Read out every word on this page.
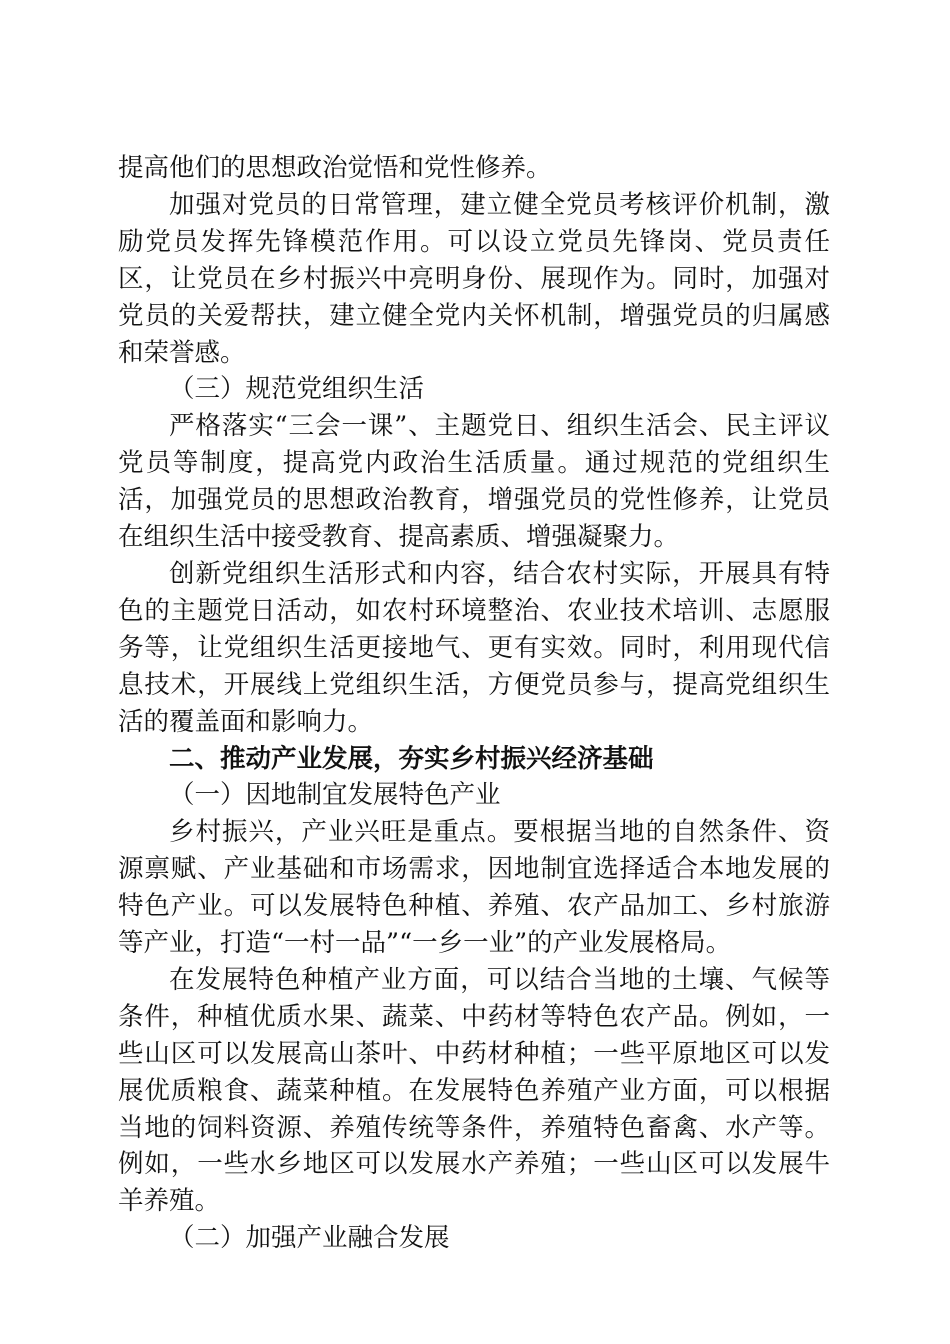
提高他们的思想政治觉悟和党性修养。

加强对党员的日常管理，建立健全党员考核评价机制，激励党员发挥先锋模范作用。可以设立党员先锋岗、党员责任区，让党员在乡村振兴中亮明身份、展现作为。同时，加强对党员的关爱帮扶，建立健全党内关怀机制，增强党员的归属感和荣誉感。

（三）规范党组织生活

严格落实“三会一课”、主题党日、组织生活会、民主评议党员等制度，提高党内政治生活质量。通过规范的党组织生活，加强党员的思想政治教育，增强党员的党性修养，让党员在组织生活中接受教育、提高素质、增强凝聚力。

创新党组织生活形式和内容，结合农村实际，开展具有特色的主题党日活动，如农村环境整治、农业技术培训、志愿服务等，让党组织生活更接地气、更有实效。同时，利用现代信息技术，开展线上党组织生活，方便党员参与，提高党组织生活的覆盖面和影响力。

二、推动产业发展，夯实乡村振兴经济基础

（一）因地制宜发展特色产业

乡村振兴，产业兴旺是重点。要根据当地的自然条件、资源禀赋、产业基础和市场需求，因地制宜选择适合本地发展的特色产业。可以发展特色种植、养殖、农产品加工、乡村旅游等产业，打造“一村一品”“一乡一业”的产业发展格局。

在发展特色种植产业方面，可以结合当地的土壤、气候等条件，种植优质水果、蔬菜、中药材等特色农产品。例如，一些山区可以发展高山茶叶、中药材种植；一些平原地区可以发展优质粮食、蔬菜种植。在发展特色养殖产业方面，可以根据当地的饲料资源、养殖传统等条件，养殖特色畜禽、水产等。例如，一些水乡地区可以发展水产养殖；一些山区可以发展牛羊养殖。

（二）加强产业融合发展
